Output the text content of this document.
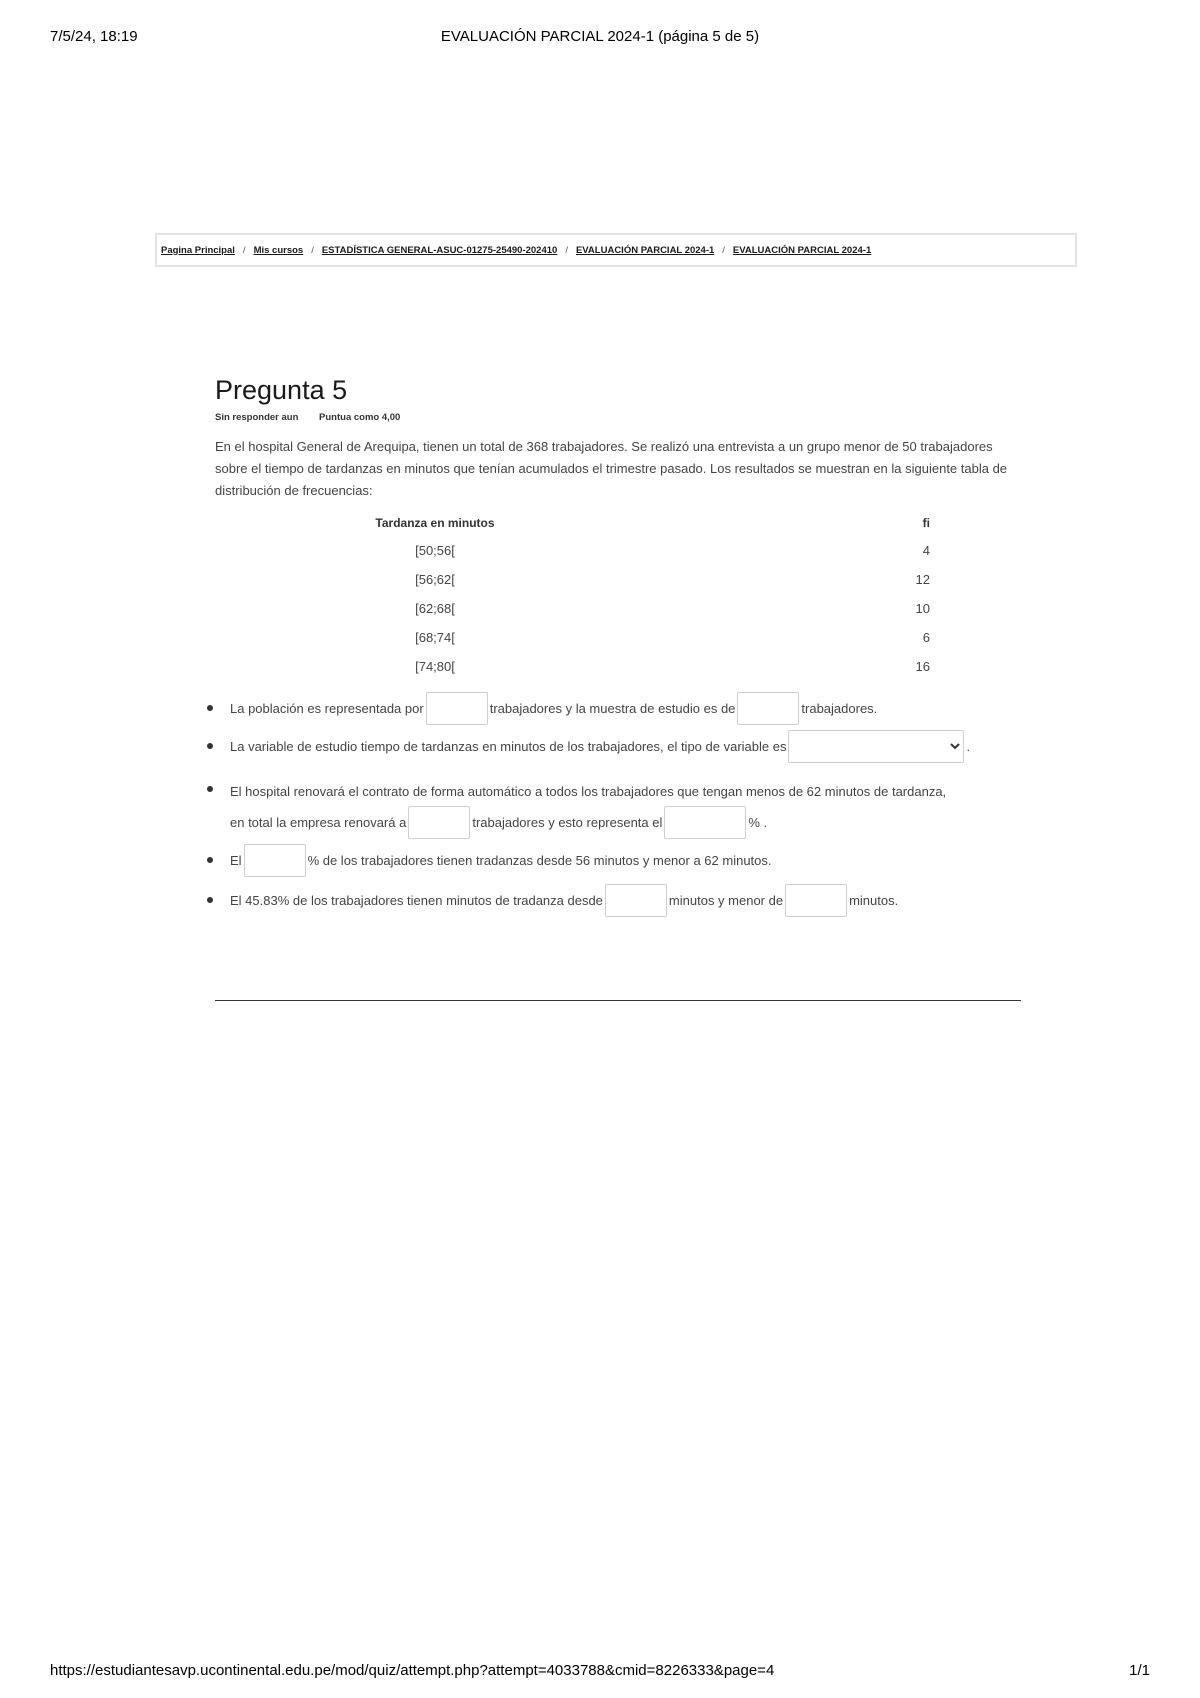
7/5/24, 18:19	EVALUACIÓN PARCIAL 2024-1 (página 5 de 5)
Pagina Principal / Mis cursos / ESTADÍSTICA GENERAL-ASUC-01275-25490-202410 / EVALUACIÓN PARCIAL 2024-1 / EVALUACIÓN PARCIAL 2024-1
Pregunta 5
Sin responder aun Puntua como 4,00
En el hospital General de Arequipa, tienen un total de 368 trabajadores. Se realizó una entrevista a un grupo menor de 50 trabajadores sobre el tiempo de tardanzas en minutos que tenían acumulados el trimestre pasado. Los resultados se muestran en la siguiente tabla de distribución de frecuencias:
Tardanza en minutos	fi
[50;56[	4
[56;62[	12
[62;68[	10
[68;74[	6
[74;80[	16
La población es representada por	trabajadores y la muestra de estudio es de	trabajadores.
La variable de estudio tiempo de tardanzas en minutos de los trabajadores, el tipo de variable es	.
El hospital renovará el contrato de forma automático a todos los trabajadores que tengan menos de 62 minutos de tardanza,
en total la empresa renovará a	trabajadores y esto representa el	% .
El	% de los trabajadores tienen tradanzas desde 56 minutos y menor a 62 minutos.
El 45.83% de los trabajadores tienen minutos de tradanza desde	minutos y menor de	minutos.
https://estudiantesavp.ucontinental.edu.pe/mod/quiz/attempt.php?attempt=4033788&cmid=8226333&page=4	1/1
